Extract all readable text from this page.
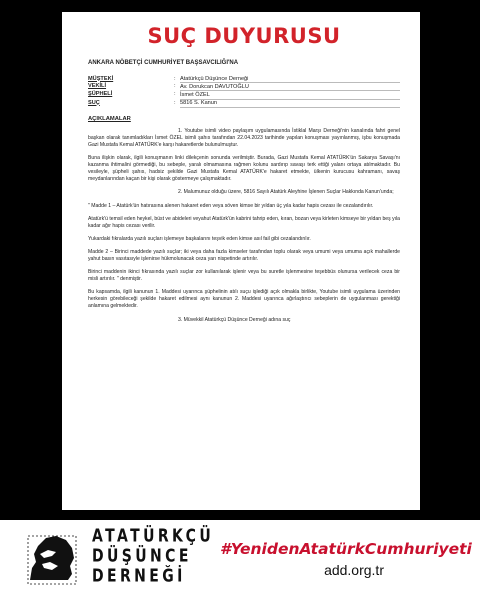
SUÇ DUYURUSU
ANKARA NÖBETÇİ CUMHURİYET BAŞSAVCILIĞI'NA
MÜŞTEKİ	:	Atatürkçü Düşünce Derneği
VEKİLİ	:	Av. Dorukcan DAVUTOĞLU
ŞÜPHELİ	:	İsmet ÖZEL
SUÇ	:	5816 S. Kanun
AÇIKLAMALAR

1. Youtube isimli video paylaşım uygulamasında İstiklal Marşı Derneği'nin kanalında fahri genel başkan olarak tanımladıkları İsmet ÖZEL isimli şahıs tarafından 22.04.2023 tarihinde yapılan konuşması yayınlanmış, işbu konuşmada Gazi Mustafa Kemal ATATÜRK'e karşı hakaretlerde bulunulmuştur.

Buna ilişkin olarak, ilgili konuşmanın linki dilekçenin sonunda verilmiştir. Burada, Gazi Mustafa Kemal ATATÜRK'ün Sakarya Savaşı'nı kazanma ihtimalini görmediği, bu sebeple, yaralı olmamasına rağmen kolunu sardırıp savaşı terk ettiği yalanı ortaya atılmaktadır. Bu vesileyle, şüpheli şahıs, hadsiz şekilde Gazi Mustafa Kemal ATATÜRK'e hakaret etmekte, ülkenin kurucusu kahramanı, savaş meydanlarından kaçan bir kişi olarak göstermeye çalışmaktadır.

2. Malumunuz olduğu üzere, 5816 Sayılı Atatürk Aleyhine İşlenen Suçlar Hakkında Kanun'unda;

" Madde 1 – Atatürk'ün hatırasına alenen hakaret eden veya söven kimse bir yıldan üç yıla kadar hapis cezası ile cezalandırılır.

Atatürk'ü temsil eden heykel, büst ve abideleri veyahut Atatürk'ün kabrini tahrip eden, kıran, bozan veya kirleten kimseye bir yıldan beş yıla kadar ağır hapis cezası verilir.

Yukardaki fıkralarda yazılı suçları işlemeye başkalarını teşvik eden kimse asıl fail gibi cezalandırılır.

Madde 2 – Birinci maddede yazılı suçlar; iki veya daha fazla kimseler tarafından toplu olarak veya umumi veya umuma açık mahallerde yahut basın vasıtasıyle işlenirse hükmolunacak ceza yarı nispetinde artırılır.

Birinci maddenin ikinci fıkrasında yazılı suçlar zor kullanılarak işlenir veya bu suretle işlenmesine teşebbüs olunursa verilecek ceza bir misli artırılır. " denmiştir.

Bu kapsamda, ilgili kanunun 1. Maddesi uyarınca şüphelinin atılı suçu işlediği açık olmakla birlikte, Youtube isimli uygulama üzerinden herkesin görebileceği şekilde hakaret edilmesi aynı kanunun 2. Maddesi uyarınca ağırlaştırıcı sebeplerin de uygulanması gerektiği anlamına gelmektedir.

3. Müvekkil Atatürkçü Düşünce Derneği adına suç

ATATÜRKÇÜ
DÜŞÜNCE
DERNEĞİ
#YenidenAtatürkCumhuriyeti
add.org.tr
